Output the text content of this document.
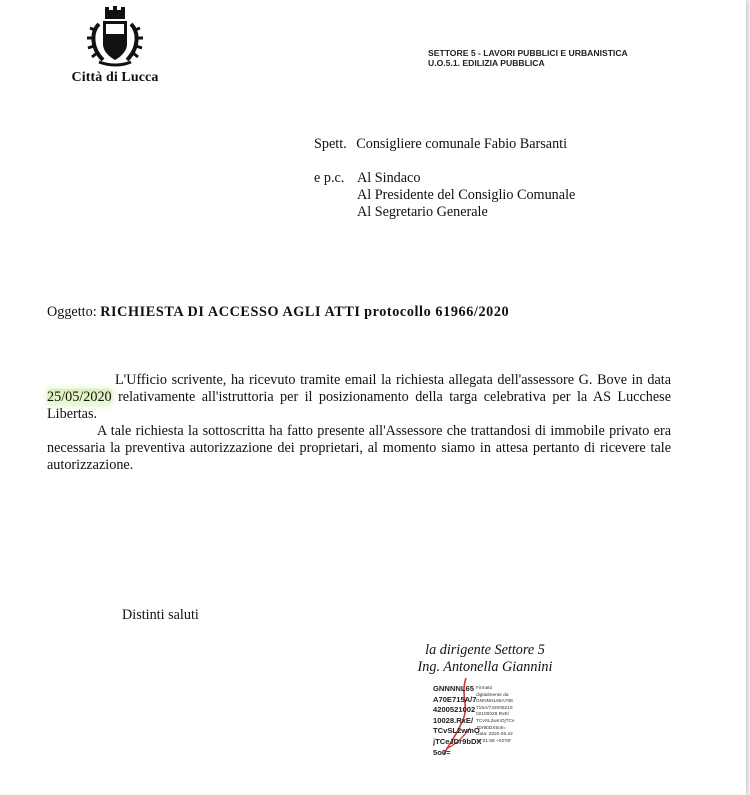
Città di Lucca
SETTORE 5 - LAVORI PUBBLICI E URBANISTICA
U.O.5.1. EDILIZIA PUBBLICA
Spett. Consigliere comunale Fabio Barsanti
e p.c. Al Sindaco
Al Presidente del Consiglio Comunale
Al Segretario Generale
Oggetto: RICHIESTA DI ACCESSO AGLI ATTI protocollo 61966/2020
L'Ufficio scrivente, ha ricevuto tramite email la richiesta allegata dell'assessore G. Bove in data 25/05/2020 relativamente all'istruttoria per il posizionamento della targa celebrativa per la AS Lucchese Libertas.
A tale richiesta la sottoscritta ha fatto presente all'Assessore che trattandosi di immobile privato era necessaria la preventiva autorizzazione dei proprietari, al momento siamo in attesa pertanto di ricevere tale autorizzazione.
Distinti saluti
la dirigente Settore 5
Ing. Antonella Giannini
GNNNNL65
A70E715A/7
4200521002
10028.RxE/
TCvSL2wmO
jTCeJDr9bDX
5o0=
Firmato
digitalmente da
GNNNNL65A70E
715A/742005210
02100028.RxE/
TCvSL2wmOjTCe
JDr9bDX5o0=
Data: 2020.06.22
12:01:58 +02'00'
